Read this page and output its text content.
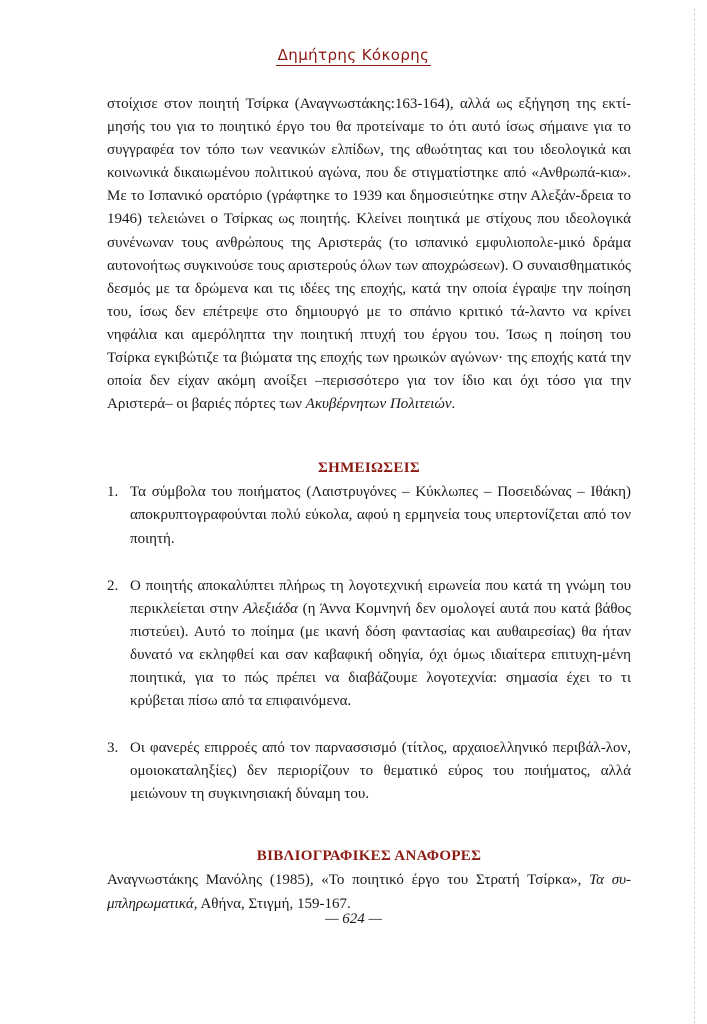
Δημήτρης Κόκορης

στοίχισε στον ποιητή Τσίρκα (Αναγνωστάκης:163-164), αλλά ως εξήγηση της εκτί-μησής του για το ποιητικό έργο του θα προτείναμε το ότι αυτό ίσως σήμαινε για το συγγραφέα τον τόπο των νεανικών ελπίδων, της αθωότητας και του ιδεολογικά και κοινωνικά δικαιωμένου πολιτικού αγώνα, που δε στιγματίστηκε από «Ανθρωπά-κια». Με το Ισπανικό ορατόριο (γράφτηκε το 1939 και δημοσιεύτηκε στην Αλεξάν-δρεια το 1946) τελειώνει ο Τσίρκας ως ποιητής. Κλείνει ποιητικά με στίχους που ιδεολογικά συνένωναν τους ανθρώπους της Αριστεράς (το ισπανικό εμφυλιοπολε-μικό δράμα αυτονοήτως συγκινούσε τους αριστερούς όλων των αποχρώσεων). Ο συναισθηματικός δεσμός με τα δρώμενα και τις ιδέες της εποχής, κατά την οποία έγραψε την ποίηση του, ίσως δεν επέτρεψε στο δημιουργό με το σπάνιο κριτικό τά-λαντο να κρίνει νηφάλια και αμερόληπτα την ποιητική πτυχή του έργου του. Ίσως η ποίηση του Τσίρκα εγκιβώτιζε τα βιώματα της εποχής των ηρωικών αγώνων· της εποχής κατά την οποία δεν είχαν ακόμη ανοίξει –περισσότερο για τον ίδιο και όχι τόσο για την Αριστερά– οι βαριές πόρτες των Ακυβέρνητων Πολιτειών.

ΣΗΜΕΙΩΣΕΙΣ
1. Τα σύμβολα του ποιήματος (Λαιστρυγόνες – Κύκλωπες – Ποσειδώνας – Ιθάκη) αποκρυπτογραφούνται πολύ εύκολα, αφού η ερμηνεία τους υπερτονίζεται από τον ποιητή.
2. Ο ποιητής αποκαλύπτει πλήρως τη λογοτεχνική ειρωνεία που κατά τη γνώμη του περικλείεται στην Αλεξιάδα (η Άννα Κομνηνή δεν ομολογεί αυτά που κατά βάθος πιστεύει). Αυτό το ποίημα (με ικανή δόση φαντασίας και αυθαιρεσίας) θα ήταν δυνατό να εκληφθεί και σαν καβαφική οδηγία, όχι όμως ιδιαίτερα επιτυχη-μένη ποιητικά, για το πώς πρέπει να διαβάζουμε λογοτεχνία: σημασία έχει το τι κρύβεται πίσω από τα επιφαινόμενα.
3. Οι φανερές επιρροές από τον παρνασσισμό (τίτλος, αρχαιοελληνικό περιβάλ-λον, ομοιοκαταληξίες) δεν περιορίζουν το θεματικό εύρος του ποιήματος, αλλά μειώνουν τη συγκινησιακή δύναμη του.
ΒΙΒΛΙΟΓΡΑΦΙΚΕΣ ΑΝΑΦΟΡΕΣ

Αναγνωστάκης Μανόλης (1985), «Το ποιητικό έργο του Στρατή Τσίρκα», Τα συ-μπληρωματικά, Αθήνα, Στιγμή, 159-167.

— 624 —
